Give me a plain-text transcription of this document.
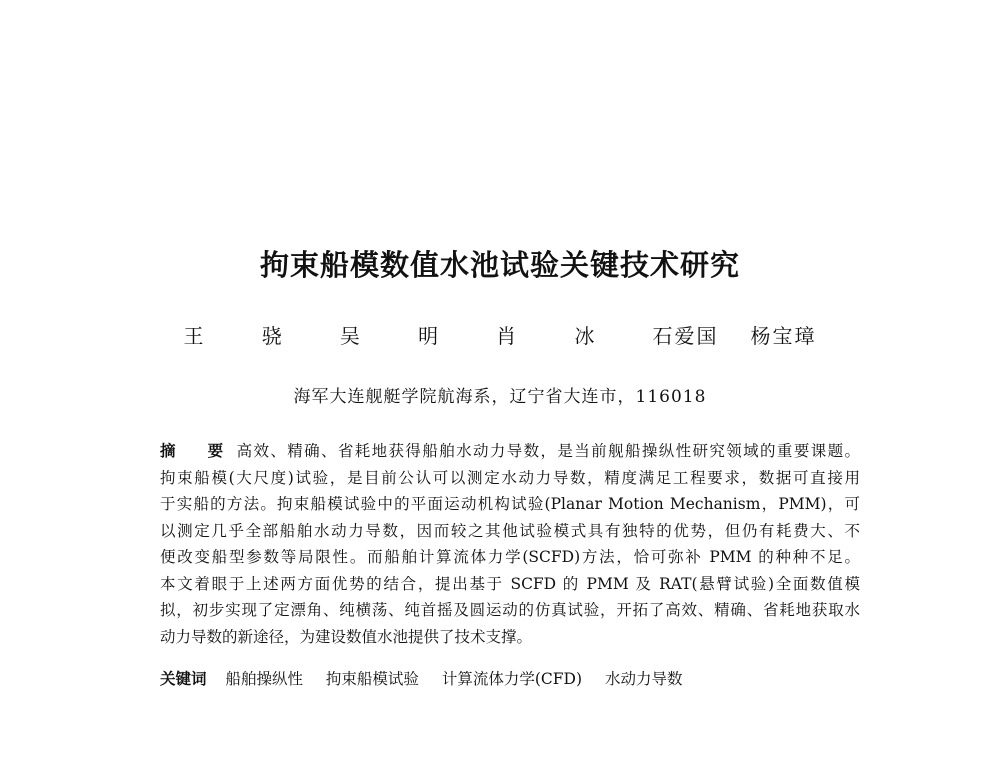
拘束船模数值水池试验关键技术研究
王 骁 吴 明 肖 冰 石爱国 杨宝璋
海军大连舰艇学院航海系，辽宁省大连市，116018
摘 要高效、精确、省耗地获得船舶水动力导数，是当前舰船操纵性研究领域的重要课题。
拘束船模(大尺度)试验，是目前公认可以测定水动力导数，精度满足工程要求，数据可直接用
于实船的方法。拘束船模试验中的平面运动机构试验(Planar Motion Mechanism，PMM)，可
以测定几乎全部船舶水动力导数，因而较之其他试验模式具有独特的优势，但仍有耗费大、不
便改变船型参数等局限性。而船舶计算流体力学(SCFD)方法，恰可弥补 PMM 的种种不足。
本文着眼于上述两方面优势的结合，提出基于 SCFD 的 PMM 及 RAT(悬臂试验)全面数值模
拟，初步实现了定漂角、纯横荡、纯首摇及圆运动的仿真试验，开拓了高效、精确、省耗地获取水
动力导数的新途径，为建设数值水池提供了技术支撑。
关键词 船舶操纵性 拘束船模试验 计算流体力学(CFD) 水动力导数
